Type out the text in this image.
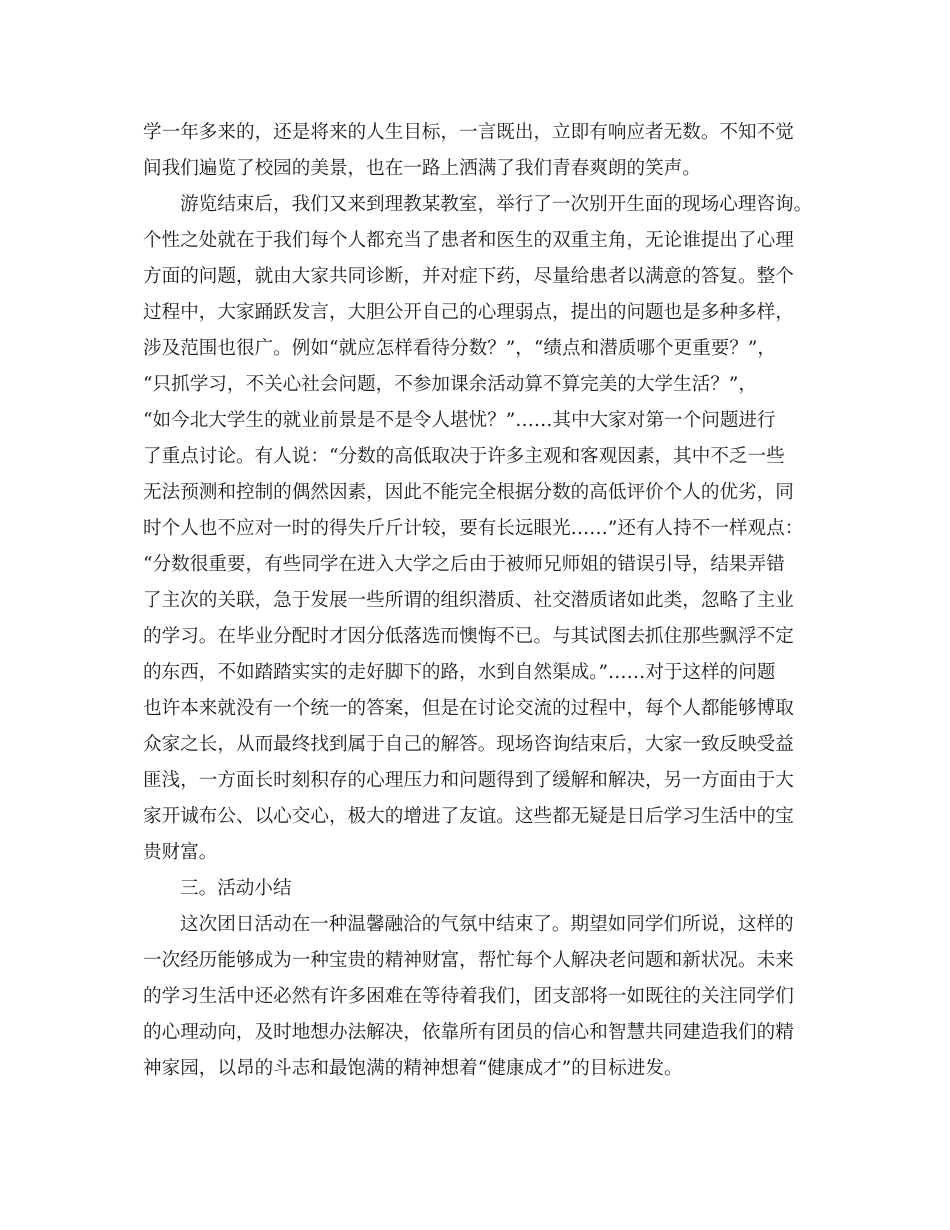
学一年多来的，还是将来的人生目标，一言既出，立即有响应者无数。不知不觉
间我们遍览了校园的美景，也在一路上洒满了我们青春爽朗的笑声。
游览结束后，我们又来到理教某教室，举行了一次别开生面的现场心理咨询。
个性之处就在于我们每个人都充当了患者和医生的双重主角，无论谁提出了心理
方面的问题，就由大家共同诊断，并对症下药，尽量给患者以满意的答复。整个
过程中，大家踊跃发言，大胆公开自己的心理弱点，提出的问题也是多种多样，
涉及范围也很广。例如“就应怎样看待分数？”，“绩点和潜质哪个更重要？”，
“只抓学习，不关心社会问题，不参加课余活动算不算完美的大学生活？”，
“如今北大学生的就业前景是不是令人堪忧？”……其中大家对第一个问题进行
了重点讨论。有人说：“分数的高低取决于许多主观和客观因素，其中不乏一些
无法预测和控制的偶然因素，因此不能完全根据分数的高低评价个人的优劣，同
时个人也不应对一时的得失斤斤计较，要有长远眼光……”还有人持不一样观点：
“分数很重要，有些同学在进入大学之后由于被师兄师姐的错误引导，结果弄错
了主次的关联，急于发展一些所谓的组织潜质、社交潜质诸如此类，忽略了主业
的学习。在毕业分配时才因分低落选而懊悔不已。与其试图去抓住那些飘浮不定
的东西，不如踏踏实实的走好脚下的路，水到自然渠成。”……对于这样的问题
也许本来就没有一个统一的答案，但是在讨论交流的过程中，每个人都能够博取
众家之长，从而最终找到属于自己的解答。现场咨询结束后，大家一致反映受益
匪浅，一方面长时刻积存的心理压力和问题得到了缓解和解决，另一方面由于大
家开诚布公、以心交心，极大的增进了友谊。这些都无疑是日后学习生活中的宝
贵财富。
三。活动小结
这次团日活动在一种温馨融洽的气氛中结束了。期望如同学们所说，这样的
一次经历能够成为一种宝贵的精神财富，帮忙每个人解决老问题和新状况。未来
的学习生活中还必然有许多困难在等待着我们，团支部将一如既往的关注同学们
的心理动向，及时地想办法解决，依靠所有团员的信心和智慧共同建造我们的精
神家园，以昂的斗志和最饱满的精神想着“健康成才”的目标进发。
